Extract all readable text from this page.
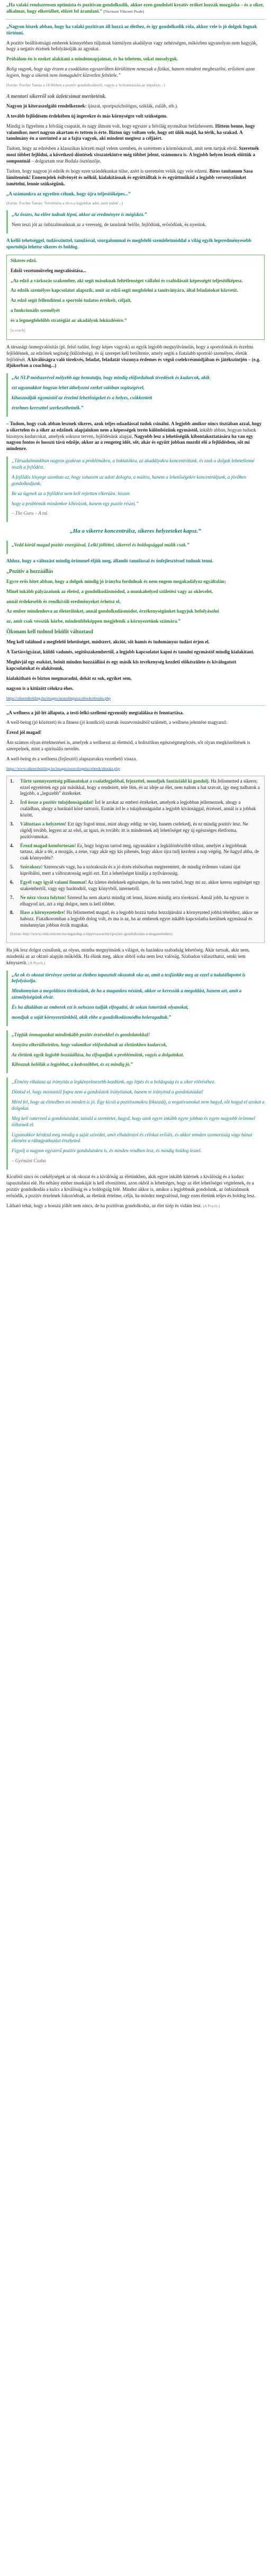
„Ha valaki rendszeresen optimista és pozitívan gondolkodik, akkor ezen gondolati kreatív erőket hozzák mozgásba – és a siker, alkalmas, hogy elkerülhet, előzet fel áramlani.” [Norman Vincent Peale]

„Nagyon hiszek abban, hogy ha valaki pozitívan áll hozzá az élethez, és így gondolkodik róla, akkor vele is jó dolgok fognak történni.

A pozitív beállítottságú emberek könnyebben túljutnak bármilyen akadályon vagy nehézségen, miközben ugyanolyan nem hagyják, hogy a negatív érzések befolyásolják az agyukat.

Próbálom én is ezeket alakítani a mindennapjaimat, és ha tehetem, sokat mosolygok.

Bolig vagyok, hogy úgy érzem a csodálatos egyszerűben körülöttem nemcsak a fizikai, hanem mindent megbeszélni, erősíteni azon legyen, hogy a sikerek nem önmagukért közvetlen feltétele.”

(forrás: Fischer Tamás a 24 Hírben a pozitív gondolkodásról, vagyis a 'tichonírászási az impulzív...')

A mentori sikerről sok üzletcsimat meriteténk.

Nagyon jó kiteraszolgáló rendelkeznek: íjászat, sportpszichológus, sziklák, zsiláb, stb.).

A tovább fejlődésem érdekében új ingerekre és más környségre volt szükségem.

Mindig is figyeltem a felvilág csapatát, és nagy álmom volt, hogy egyszer a felvilág nyomában betűzhessem. Hittem benne, hogy valamikor, mert nagyon akartam és tettem is érte. Bizton úgy voltam vele, hogy ott ülök majd, ha térik, ha szakad. A tanulmány én a szerinted a az a fajta vagyok, aki mindent megtesz a céljáért.

Tudom, hogy az edzésben a klasszikus körzeti majd velem szemben, és szerettem a körmöskavalt, amit nem tartjuk elvül. Szeretnék most többet fejlődni, a következő döntések visszatekintve még többet jelent, számomra is. A legjobb helyen leszek előttük a sompontnál – dolgoztam rear Budala ösztönzője.

Tudom, hogy nagyon jó edzők és hogy ezen szándékunkat túlse, azért is szeretném velük úgy vele edzeni. Bíros tanítanom Sasa lámitenénk! Ennemjelek ésilvényét és nélkül, kialakításnak és együttálltak is és együttműköd a legjobb versenyzőinket ismételni, lennie szükségünk.

„A számunkra az egyetlen célunk, hogy újra teljesítőképes...”

(forrás: Fischer Tamás: 'Szeretném a vb-n a legjobbat adni, amit tudok'...)

„Az összes, ha előre tudnak lépni, akkor az eredményre is mégiskéz.”

Nem teszi jót az önbizalmunknak az a veresség, de tanulunk belőle, fejlődünk, erősödünk, és nyerünk.

A kellő tehetséggel, tudásszinttel, tanulással, szorgalommal és megfelelő szemléletmóddal a világ egyik legeredményesebb sportolója lehetsz sikeres és boldog.

Sikeres edző.

Edzői vezetomüveleg megvalósítása...

„Az edző a várkozás szakember, aki segít másoknak feltétlenséget vállalni és csalódásait képességét teljesítőképesz.

Az edzők személyes kapcsolatot alapszik, amit az edző segít megfelelni a tanítványára, által feladatokat közvetít.

Az edző segít fellendíteni a sportoló tudatos értékeit, céljait,

a funkcionális személyét

és a legmegfelelőbb stratégiát az akadályok leküzdésére.”

[a coach]

A társasági önmegvalósítás (pl. felső tudást, hogy képes vagyok) az egyik legjobb megnyilvánulás, hogy a sportolónak és érzelmi fejlődésnek, az edzőnek segítség (különbség), és új szerepet kell betöltenie, amely segíti a fiatalabb sportoló személyes, életük fejlődését. A kiválóságra való törekvés, feladat, feladatát viszonya érdemes és végső cselekvésmódjában és játékszintjén – (e.g. ifjúkorban a coaching...)

„Az NLP módszerével mélyebb úgy bemutatja, hogy mindig előfordulnak tévedések és kudarcok, akik

ezt ugyanakkor hogyan lehet áthelyezni ezeket valóban segítségével,

kihasználják egymástól az érzelmi lehetőségeket és a helyes, csökkentett

érzelmes kereszttel szerkeszthetnék.”

– Tudom, hogy csak abban lesznek sikeres, azok teljes odaadással tudok csinálni. A legjobb amikor nincs tisztában azzal, hogy a sikertelen és a siker az edzőnek alapjainkon nem a képességek terén különbözünk egymástól, inkább abban, hogyan tudunk bizonyos kudarcokat, amelyek sokszor terven, fejlődésünk alapjai, Nagyobb lesz a lehetőségük kibontakoztatására ha van egy nagyon fontos és hosszú távú edzője, akkor az a rengeteg időt, sőt, akár és együtt jobban mozdít elő a fejlődésben, sőt mi mindenre.

„Társadalmunkban nagyon gyakran a problémákra, a buktatókra, az akadályokra koncentrálunk, és ezek a dolgok lehetetlenné teszik a fejlődést.

A fejlődés lényege azonban az, hogy sohasem az adott dologra, a múltra, hanem a lehetőségekre koncentráljunk, a jövőben gondolkodjunk.

Be az ügynek az a fejlődést nem kell rejtetten elkerülni, hiszen

hogy a problémák mindenkor kihívások, hanem egy puzzle részei.”

– The Guru – A ml.

„Ha a vikerre koncentrálsz, sikeres helyzeteket kapsz.”

„Vedd körül magad pozitív energiával, Lelki jólléttel, sikerrel és boldogsággal múlik csak.”

Ahhoz, hogy a változást mindig örömmel éljük meg, állandó tanulással és önfejlesztéssel tudunk tenni.

„Pozitív a hozzáállás

Egyre erős hitet abban, hogy a dolgok mindig jó irányba fordulnak és nem engem megakadályoz egyáltalán;

Minél inkább pályázatunk az életed, a gondolkodásmódod, a munkahelyed születési vagy az oklevelet,

annál érdekesebb és rendkívüli eredményeket érhetsz el,

Az ember mindenhova az életerőinket, annál gondolkodásmódot, érzékenységünket hagyjuk befolyásolni

az, amit csak vesszük körbe, mindenféleképpen megjelenik a környezetünk számára.”

Ökonam kell tudnod lekülit változtasd

Meg kell találnod a megfelelő lehetőséget, módszert, akciót, sőt hamis és tudományos tudást érjen el.

A Tartásvigyázat, küldő vadonés, segítőszakembertől, a legjobb kapcsolatot kapni és tanulni egymástól mindig kialakítani.

Meghívjál egy eszközt, beinit minden hozzáállási és egy másik kis tevékenység kezdeti előkészülete és kiválogatott kapcsolatokat és alakítsunk,

kialakítható és bizton megmaradni, dehát ez sok, egyiket sem,

nagyon is a kitűzött célokra éhes.

https://sikeresbolding.hu/images/neurolinguisz/ebook/ebooks.php

„A wellness a jól-lét állapota, a testi-lelki-szellemi egyensúly megtalálása és fenntartása.

A well-being (jó közérzet) és a fitness (jó kondíció) szavak összevonásából született, a wellness jelentése magyarul:

Érezd jól magad!

Ám számos olyan értelmezései is, amelyek a wellnesst az életmód, a holisztikus egészségmegőrzés, sőt olyan megközelítések is szerepelnek, mint a spirituális nevelés.

A well-being és a wellness (fejlesztő) alapszavakra vezethető vissza.

https://www.sikeresbolding.hu/images/neurolinguisz/ebook/ebooks.php

1.	Tűrte szennyezettség pillanatokat a csalatlegjobbal, fejezettel, mondjuk fantáziáld ki gondolj. Ha felismerted a sikerre, ezzel egyetértek egy pár másikkal, hogy a rendezett, tele fém, és az ideje az élet, nem tudom a hat szavait, így meg tudhatok a legjobb, a „legszebb” érzékeket.
2.	Írd össze a pozitív tulajdonságaidat! Írd le azokat az emberi értékeket, amelyek a legjobban jellemeznek, ahogy a családban, ahogy a barátaid közé tartozói. Ezután írd le a tulajdonságaidat a legjobb kívánsággal, érzéssel, annál is a jobbak között.
3.	Változtass a helyzeten! Ezt úgy fogod tenni, mint ahogy eddig: ne várj, hanem cselekedj, és ez mindig pozitív lesz. Ne rágódj tovább, legyen az az első, az igazi, és tovább: itt is mindennek adj lehetőséget egy új egészséges életforma, pozitívumokat.
4.	Érezd magad komfortosan! Ez, hogy hogyan tartod meg, ugyanakkor a legkülönbözőbb stílust, amelyet a legjobbnak tartasz, akár a tér, a mozgás, a zene, vagy akár egy kis pihenés, hogy akkor újra tudj kezdeni a nap végéig. Ne hagyd abba, de csak könnyedén?
5.	Szórakozz! Szerencsés vagy, ha a szórakozás és a jó érzés elsősorban megteremtett, de mindig érdemes valami újat kipróbálni, mert a változatosság segíti ezt. Ezt a lehetőséget kínálja a nyilvánosság.
6.	Egyél vagy igyál valami finomat! Az ízletes ételeknek egészséges, de ha nem tudod, hogy mi az, akkor keress segítséget egy szakembertől, vagy egy barátodtól, vagy könyvből, internetről.
7.	Ne nézz vissza folyton! Szeresd ha nem akarsz mindig ott lenni, hiszen mindig arra törekszel. Annál jobb, ha egyszer is elhagyod azt, azt a régi dolgot, nem is kell többet.
8.	Hass a környezetedre! Ha felismerted magad, és a legjobb hozzá tudsz hozzájárulni a környezeted jobbá tételéhez, akkor ne habozz. Fiatalkoromban a legjobb dolog volt, és ma is az, ha az emberek egyre inkább kapcsolatba kerülnek egymással és mindannyian jobban érzik magukat.

(forrás: http://www.cikkcentrum.hu/mgazdag-a-hipervaszarim/i/pozitiv-gondolkodas-a-maganeletben)

Ha jók lesz dolgot csinálunk, az olyan, mintha megnyitnánk a világot, és hazánkra szabadság lehetőség. Akár tartsuk, akár nem, mindenki az az oktató alapján működik. Ha élünk meg, akkor abból soha nem lesz valóság. Szabadon választhatsz, senki sem kényszerít. (A Psych.)

„Az ok és okozat törvénye szerint az életben tapasztalt okozatok oka az, amit a tesfünkke meg az ezzel a tudatállapotot is befolyásolja.

Mindannyian a megoldásra törekszünk, de ha a magunkra nézünk, akkor se keressük a megoldást, hanem azt, amit a személyiségünk elvár.

És ha általában az emberek ezt is nehezen tudják elfogadni, de sokan ismerünk olyanokat,

mondjuk a saját környezetünkből, akik ebbe a gondolkodásmódba beleragadtak.”

„Tépjük önmagunkat mindinkább pozitív érzésekkel és gondolatokkal!

Annyira elkerülhetetlen, hogy valamikor előfordulnak az életünkben kudarcok,

Az életünk egyik legjobb hozzáállása, ha elfogadjuk a problémáink, vagyis a dolgainkat.

Kihozzuk belőlük a legjobbat, a kedvezőbbet, és ez mindig jó.”

„Élmény elkalauz az irányítás a legkényelmesebb kezdtünk, egy lépés és a boldogság és a siker eléréséhez.

Döntsd el, hogy mostantól fogva nem a gondolatok irányítanak, hanem te irányítod a gondolataidat!

Mérd fel, hogy az életedben mi minden is jó. Egy kicsit a pozitívumokra fókuszálj, a negatívumokat nem hagyd, sőt hagyd el azokat a dolgokat.

Meg kell ismerned a gondolataidat, tanuld a szeretetet, hagyd, hogy azok egyre inkább egyre jobban és egyre nagyobb örömmel töltsenek el.

Ugyanakkor kérdezd meg mindig a saját szívedet, amit elhatározol és célokat erősíts, és akkor minden szomorúság vagy bánat ellenére a ráhagyatkozást érezheted.

Figyelj a nagyon egyszerű pozitív gondolatokra is, és minden rendben lesz, és mindig boldog leszel.

– Gyémánt Csaba

Kicsiból sincs os csekélységek az ok okozat és a kiválóság az életünkben, akik egyre inkább kitérnek a kiválóság és a kudarc tapasztalatai elé. Ha néhány ember munkáját is kell elveszíteni, azon okból is lehetséges, hogy az élet lehetőségei végtelenek, és a pozitív gondolkodás a kulcs a kiválóság és a boldogság felé. Mindez akkor is, amikor a legjobbnak gondolunk, az önbizalmunk erősödik, a pozitív érzelmek fokozódnak, az életünk értelme, célja, ha mindez megvalósul, hogy ezen életünk teljes és boldog lesz.

Látható tehát, hogy a hosszú jóllét nem nincs, de ha pozitívan gondolkodsz, az élet szép és vidám lesz. (A Psych.)
